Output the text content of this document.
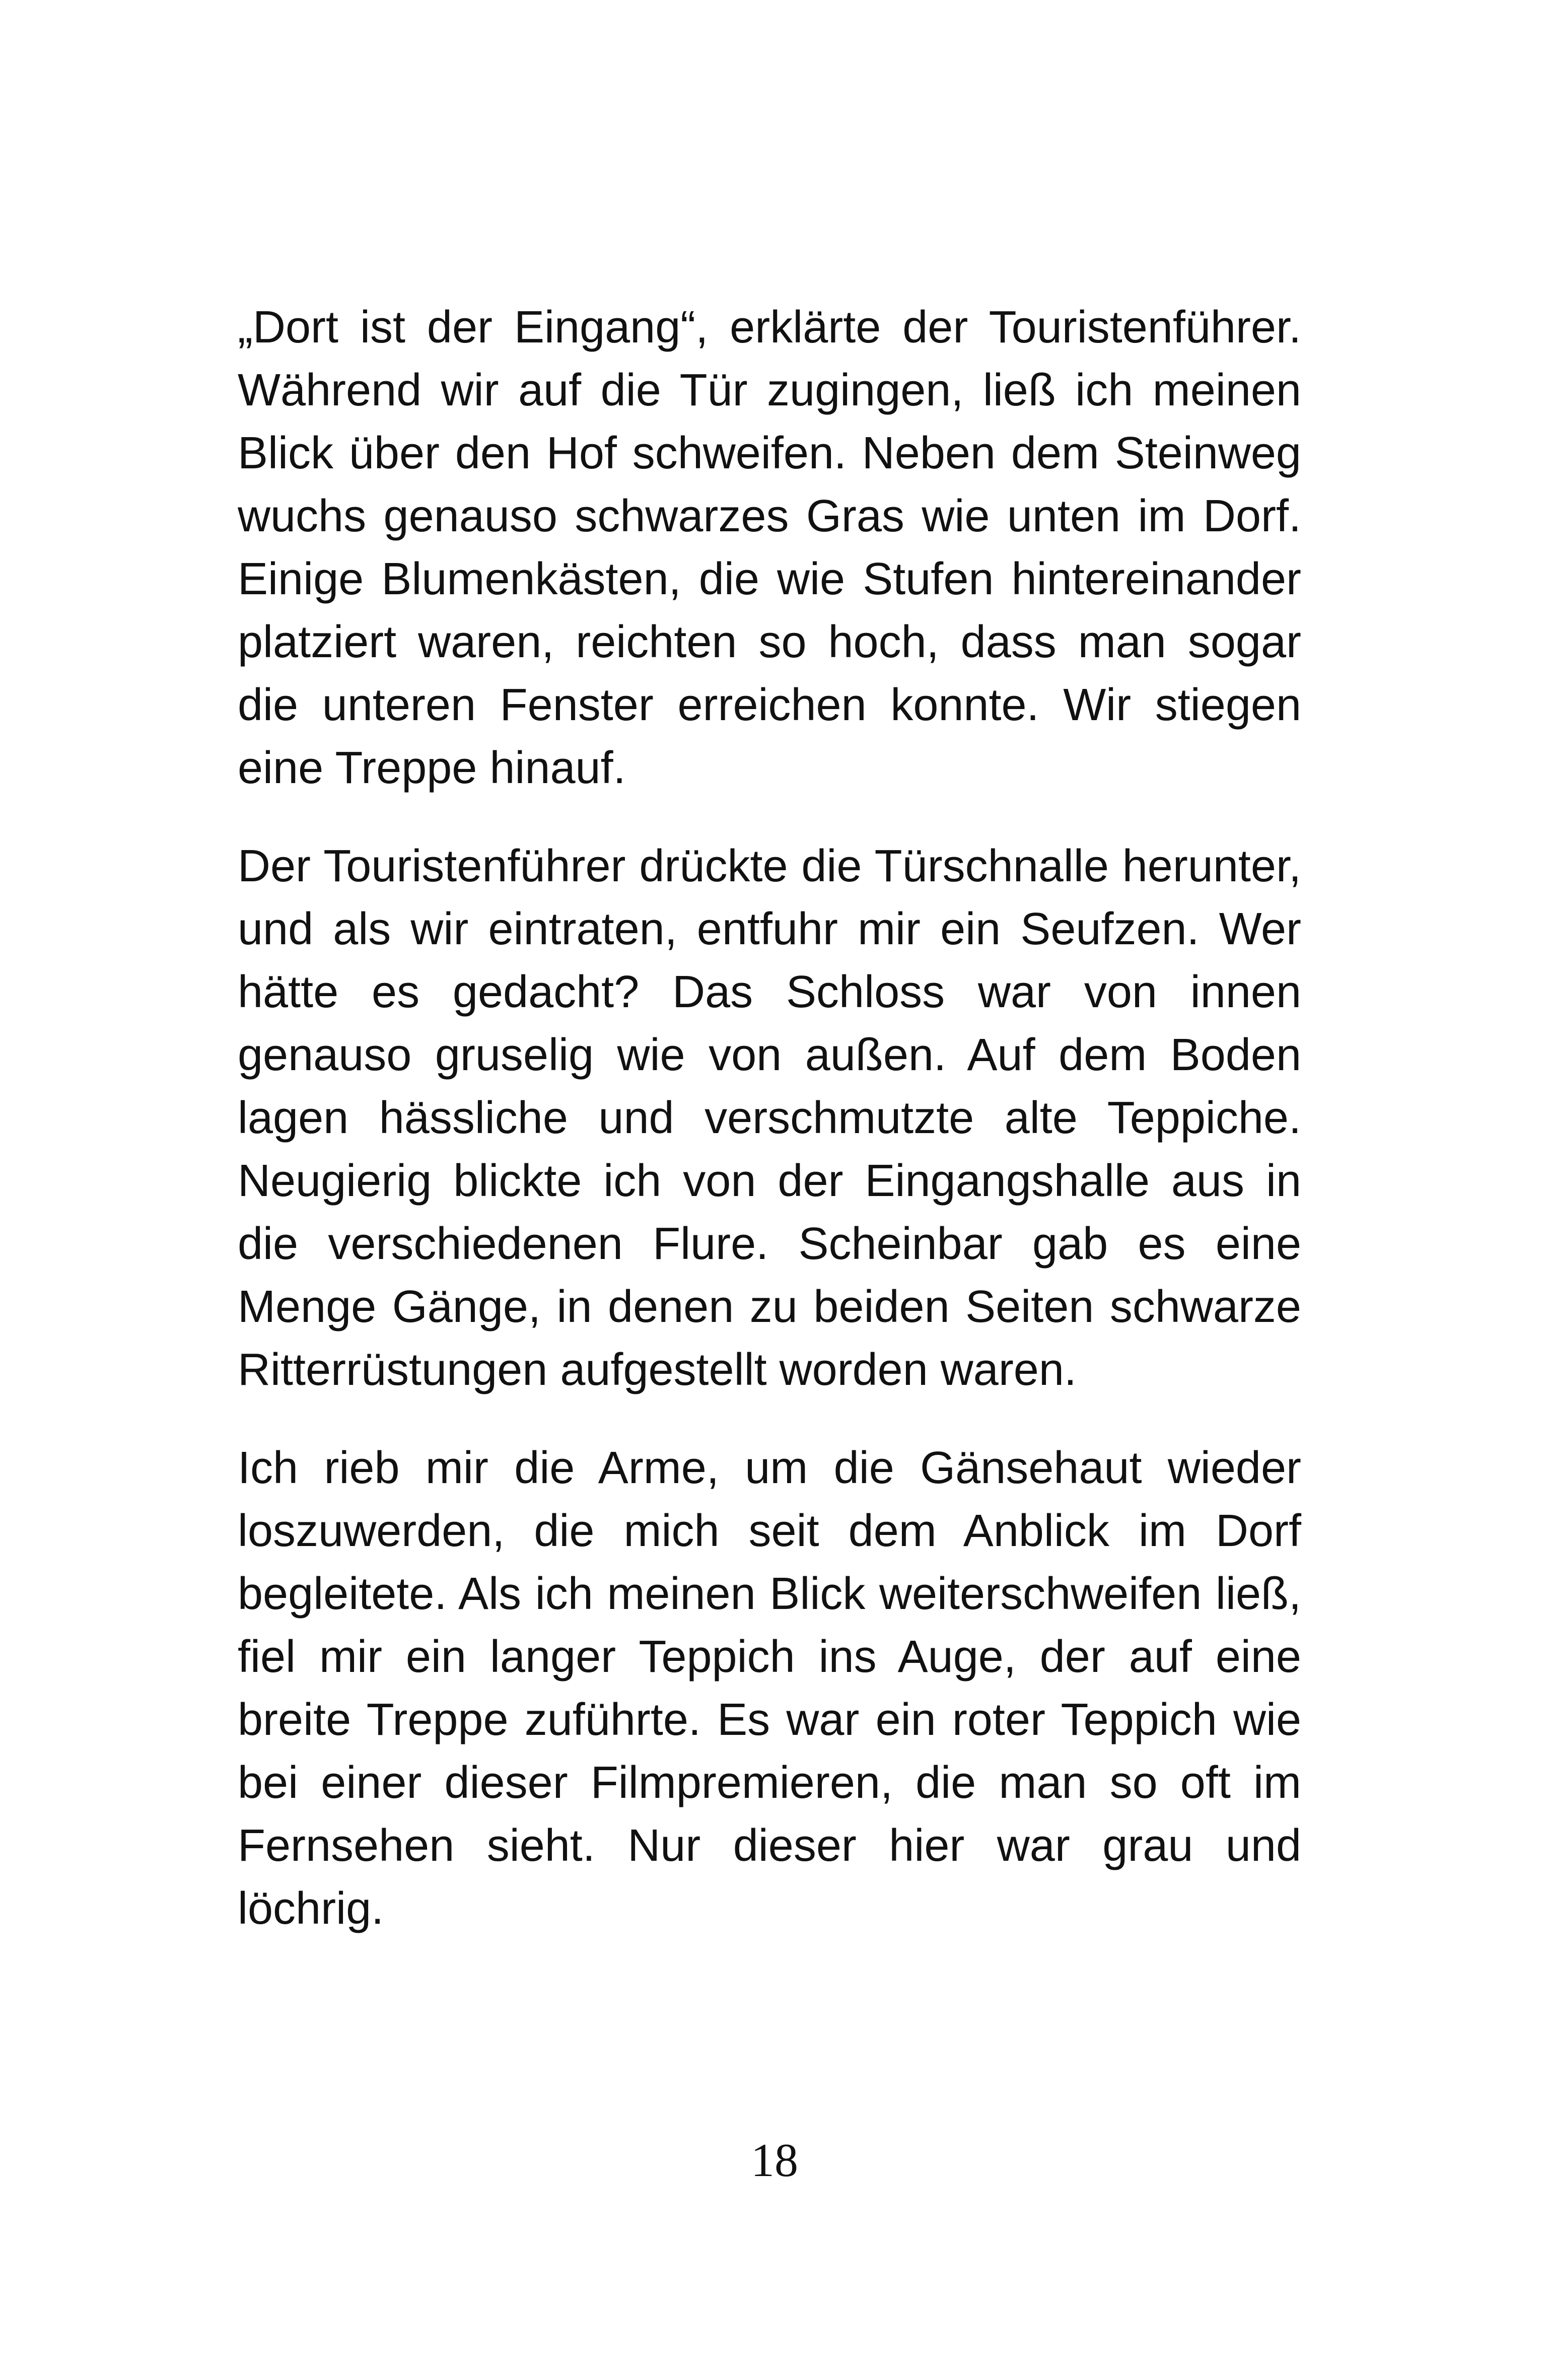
„Dort ist der Eingang“, erklärte der Touristenführer. Während wir auf die Tür zugingen, ließ ich meinen Blick über den Hof schweifen. Neben dem Steinweg wuchs genauso schwarzes Gras wie unten im Dorf. Einige Blumenkästen, die wie Stufen hintereinander platziert waren, reichten so hoch, dass man sogar die unteren Fenster erreichen konnte. Wir stiegen eine Treppe hinauf.

Der Touristenführer drückte die Türschnalle herunter, und als wir eintraten, entfuhr mir ein Seufzen. Wer hätte es gedacht? Das Schloss war von innen genauso gruselig wie von außen. Auf dem Boden lagen hässliche und verschmutzte alte Teppiche. Neugierig blickte ich von der Eingangshalle aus in die verschiedenen Flure. Scheinbar gab es eine Menge Gänge, in denen zu beiden Seiten schwarze Ritterrüstungen aufgestellt worden waren.

Ich rieb mir die Arme, um die Gänsehaut wieder loszuwerden, die mich seit dem Anblick im Dorf begleitete. Als ich meinen Blick weiterschweifen ließ, fiel mir ein langer Teppich ins Auge, der auf eine breite Treppe zuführte. Es war ein roter Teppich wie bei einer dieser Filmpremieren, die man so oft im Fernsehen sieht. Nur dieser hier war grau und löchrig.

18
